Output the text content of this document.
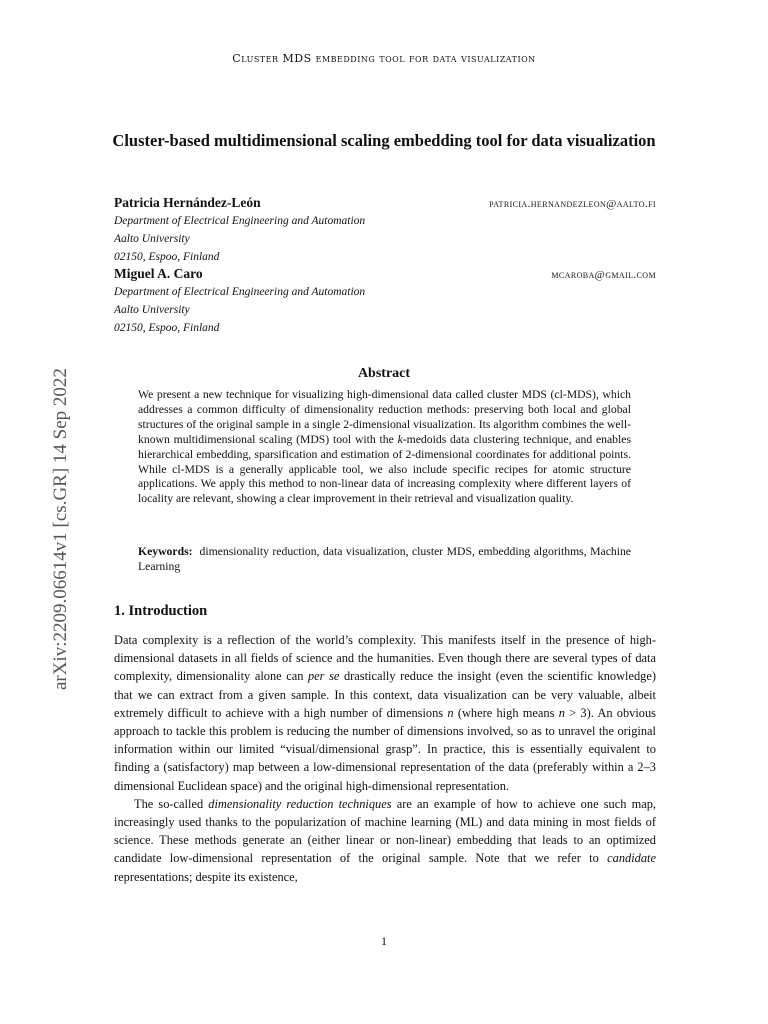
Cluster MDS embedding tool for data visualization
arXiv:2209.06614v1 [cs.GR] 14 Sep 2022
Cluster-based multidimensional scaling embedding tool for data visualization
Patricia Hernández-León	patricia.hernandezleon@aalto.fi
Department of Electrical Engineering and Automation
Aalto University
02150, Espoo, Finland
Miguel A. Caro	mcaroba@gmail.com
Department of Electrical Engineering and Automation
Aalto University
02150, Espoo, Finland
Abstract

We present a new technique for visualizing high-dimensional data called cluster MDS (cl-MDS), which addresses a common difficulty of dimensionality reduction methods: preserving both local and global structures of the original sample in a single 2-dimensional visualization. Its algorithm combines the well-known multidimensional scaling (MDS) tool with the k-medoids data clustering technique, and enables hierarchical embedding, sparsification and estimation of 2-dimensional coordinates for additional points. While cl-MDS is a generally applicable tool, we also include specific recipes for atomic structure applications. We apply this method to non-linear data of increasing complexity where different layers of locality are relevant, showing a clear improvement in their retrieval and visualization quality.

Keywords: dimensionality reduction, data visualization, cluster MDS, embedding algorithms, Machine Learning
1. Introduction

Data complexity is a reflection of the world’s complexity. This manifests itself in the presence of high-dimensional datasets in all fields of science and the humanities. Even though there are several types of data complexity, dimensionality alone can per se drastically reduce the insight (even the scientific knowledge) that we can extract from a given sample. In this context, data visualization can be very valuable, albeit extremely difficult to achieve with a high number of dimensions n (where high means n > 3). An obvious approach to tackle this problem is reducing the number of dimensions involved, so as to unravel the original information within our limited “visual/dimensional grasp”. In practice, this is essentially equivalent to finding a (satisfactory) map between a low-dimensional representation of the data (preferably within a 2–3 dimensional Euclidean space) and the original high-dimensional representation.

The so-called dimensionality reduction techniques are an example of how to achieve one such map, increasingly used thanks to the popularization of machine learning (ML) and data mining in most fields of science. These methods generate an (either linear or non-linear) embedding that leads to an optimized candidate low-dimensional representation of the original sample. Note that we refer to candidate representations; despite its existence,

1
